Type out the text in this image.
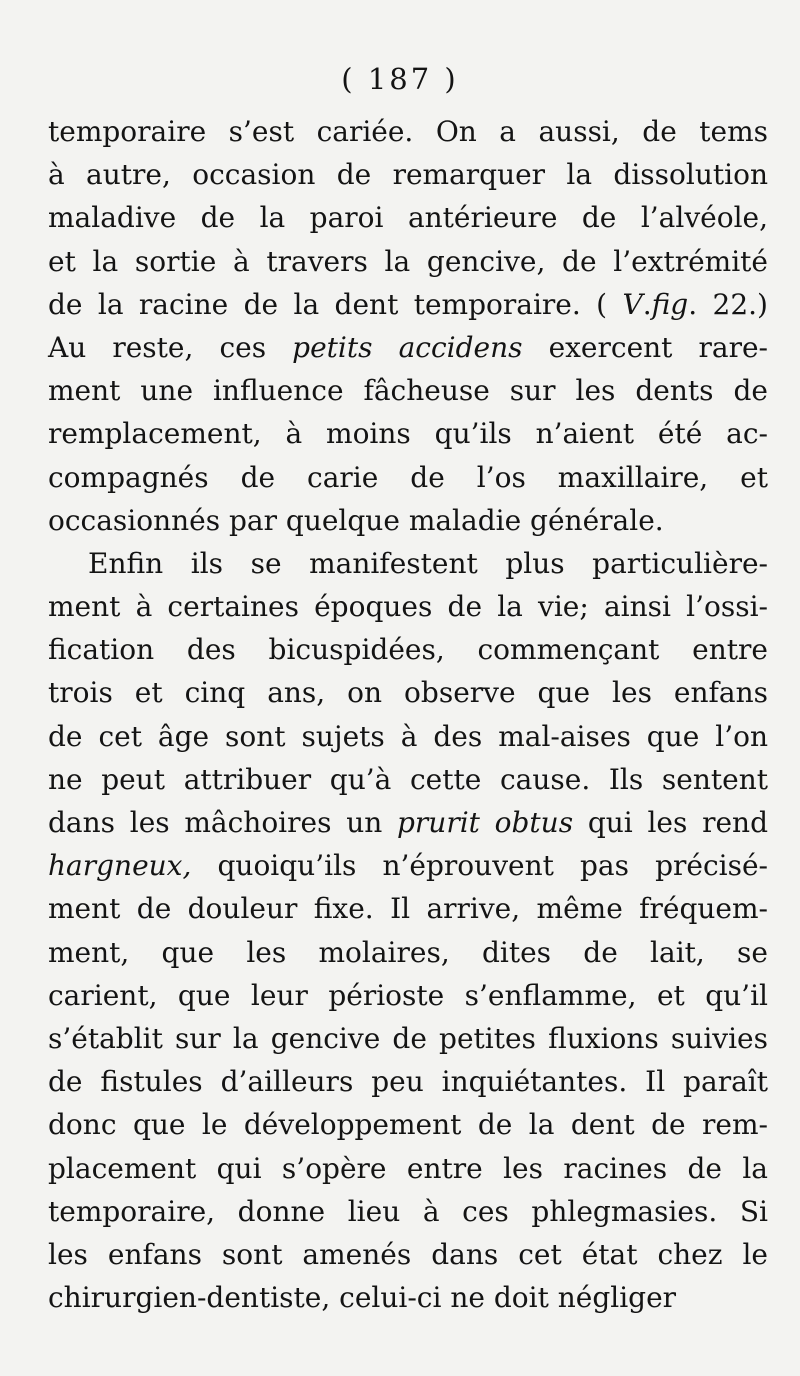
( 187 )
temporaire s’est cariée. On a aussi, de tems
à autre, occasion de remarquer la dissolution
maladive de la paroi antérieure de l’alvéole,
et la sortie à travers la gencive, de l’extrémité
de la racine de la dent temporaire. ( V.fig. 22.)
Au reste, ces petits accidens exercent rare-
ment une influence fâcheuse sur les dents de
remplacement, à moins qu’ils n’aient été ac-
compagnés de carie de l’os maxillaire, et
occasionnés par quelque maladie générale.
Enfin ils se manifestent plus particulière-
ment à certaines époques de la vie; ainsi l’ossi-
fication des bicuspidées, commençant entre
trois et cinq ans, on observe que les enfans
de cet âge sont sujets à des mal-aises que l’on
ne peut attribuer qu’à cette cause. Ils sentent
dans les mâchoires un prurit obtus qui les rend
hargneux, quoiqu’ils n’éprouvent pas précisé-
ment de douleur fixe. Il arrive, même fréquem-
ment, que les molaires, dites de lait, se
carient, que leur périoste s’enflamme, et qu’il
s’établit sur la gencive de petites fluxions suivies
de fistules d’ailleurs peu inquiétantes. Il paraît
donc que le développement de la dent de rem-
placement qui s’opère entre les racines de la
temporaire, donne lieu à ces phlegmasies. Si
les enfans sont amenés dans cet état chez le
chirurgien-dentiste, celui-ci ne doit négliger
